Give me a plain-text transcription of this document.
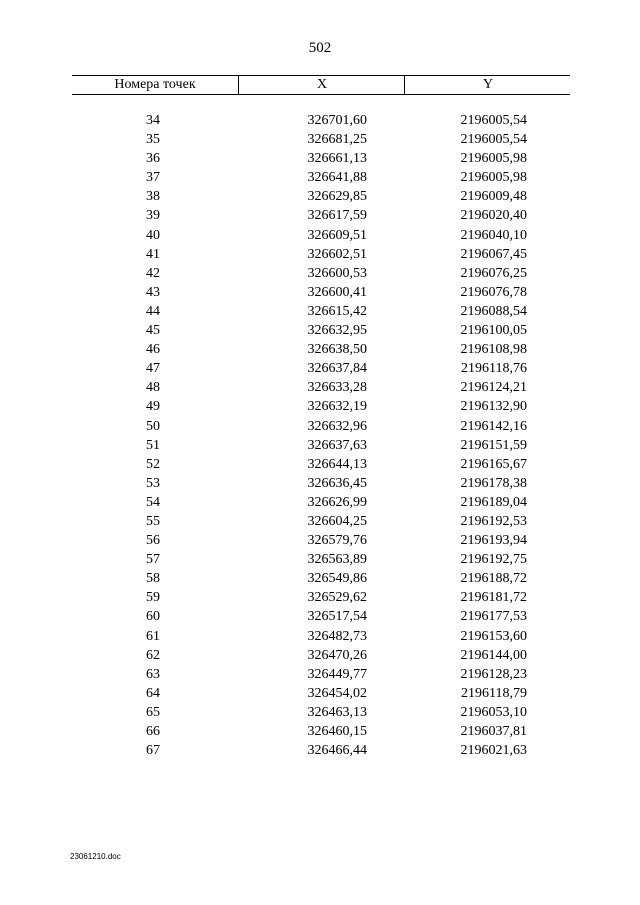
502
Номера точек	X	Y
34	326701,60	2196005,54
35	326681,25	2196005,54
36	326661,13	2196005,98
37	326641,88	2196005,98
38	326629,85	2196009,48
39	326617,59	2196020,40
40	326609,51	2196040,10
41	326602,51	2196067,45
42	326600,53	2196076,25
43	326600,41	2196076,78
44	326615,42	2196088,54
45	326632,95	2196100,05
46	326638,50	2196108,98
47	326637,84	2196118,76
48	326633,28	2196124,21
49	326632,19	2196132,90
50	326632,96	2196142,16
51	326637,63	2196151,59
52	326644,13	2196165,67
53	326636,45	2196178,38
54	326626,99	2196189,04
55	326604,25	2196192,53
56	326579,76	2196193,94
57	326563,89	2196192,75
58	326549,86	2196188,72
59	326529,62	2196181,72
60	326517,54	2196177,53
61	326482,73	2196153,60
62	326470,26	2196144,00
63	326449,77	2196128,23
64	326454,02	2196118,79
65	326463,13	2196053,10
66	326460,15	2196037,81
67	326466,44	2196021,63
23061210.doc
